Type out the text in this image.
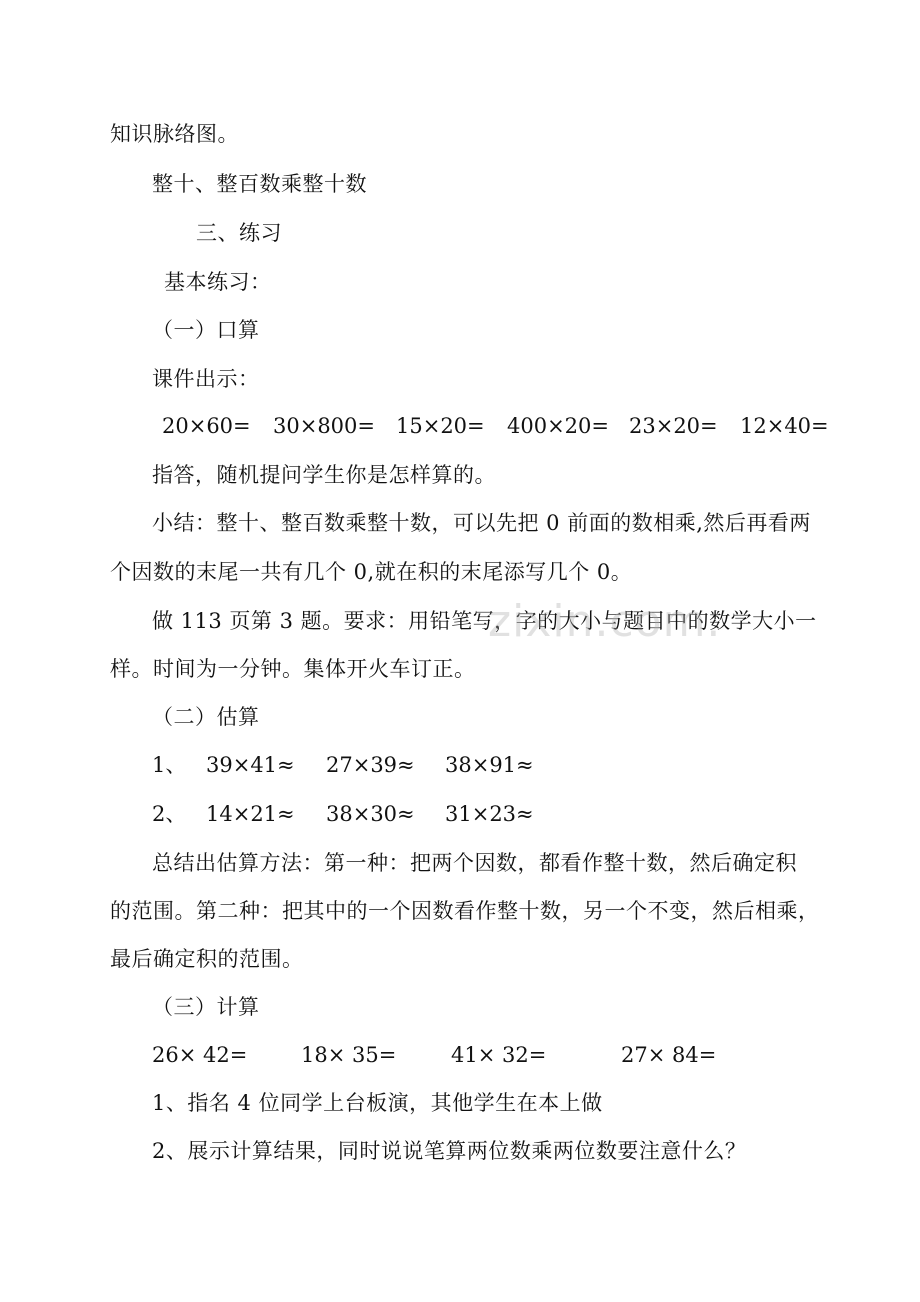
知识脉络图。
整十、整百数乘整十数
三、练习
基本练习：
（一）口算
课件出示：
20×60= 30×800= 15×20= 400×20= 23×20= 12×40=
指答，随机提问学生你是怎样算的。
小结：整十、整百数乘整十数，可以先把 0 前面的数相乘,然后再看两
个因数的末尾一共有几个 0,就在积的末尾添写几个 0。
做 113 页第 3 题。要求：用铅笔写，字的大小与题目中的数学大小一
样。时间为一分钟。集体开火车订正。
（二）估算
1、 39×41≈ 27×39≈ 38×91≈
2、 14×21≈ 38×30≈ 31×23≈
总结出估算方法：第一种：把两个因数，都看作整十数，然后确定积
的范围。第二种：把其中的一个因数看作整十数，另一个不变，然后相乘，
最后确定积的范围。
（三）计算
26× 42=	18× 35=	41× 32=	27× 84=
1、指名 4 位同学上台板演，其他学生在本上做
2、展示计算结果，同时说说笔算两位数乘两位数要注意什么？
zixin.com
